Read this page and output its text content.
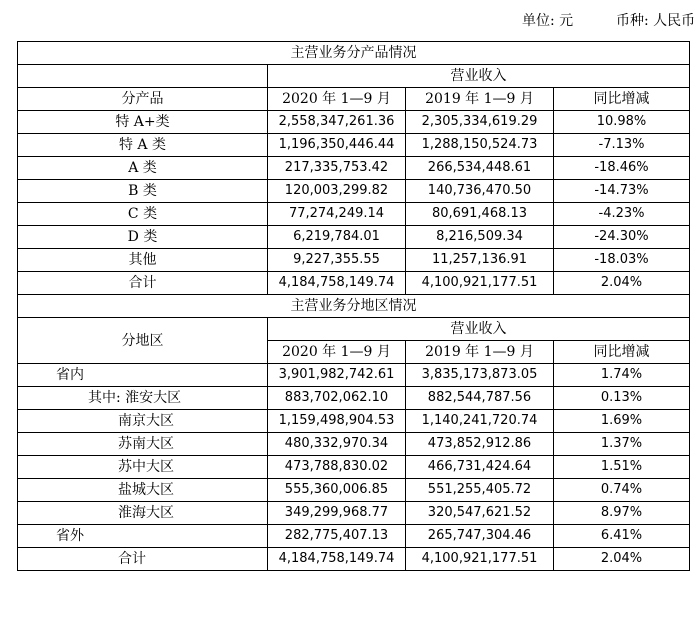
单位: 元	币种: 人民币
主营业务分产品情况			
	营业收入		
分产品	2020 年 1—9 月	2019 年 1—9 月	同比增减
特 A+类	2,558,347,261.36	2,305,334,619.29	10.98%
特 A 类	1,196,350,446.44	1,288,150,524.73	-7.13%
A 类	217,335,753.42	266,534,448.61	-18.46%
B 类	120,003,299.82	140,736,470.50	-14.73%
C 类	77,274,249.14	80,691,468.13	-4.23%
D 类	6,219,784.01	8,216,509.34	-24.30%
其他	9,227,355.55	11,257,136.91	-18.03%
合计	4,184,758,149.74	4,100,921,177.51	2.04%
主营业务分地区情况			
分地区	营业收入		
	2020 年 1—9 月	2019 年 1—9 月	同比增减
省内	3,901,982,742.61	3,835,173,873.05	1.74%
其中: 淮安大区	883,702,062.10	882,544,787.56	0.13%
南京大区	1,159,498,904.53	1,140,241,720.74	1.69%
苏南大区	480,332,970.34	473,852,912.86	1.37%
苏中大区	473,788,830.02	466,731,424.64	1.51%
盐城大区	555,360,006.85	551,255,405.72	0.74%
淮海大区	349,299,968.77	320,547,621.52	8.97%
省外	282,775,407.13	265,747,304.46	6.41%
合计	4,184,758,149.74	4,100,921,177.51	2.04%
